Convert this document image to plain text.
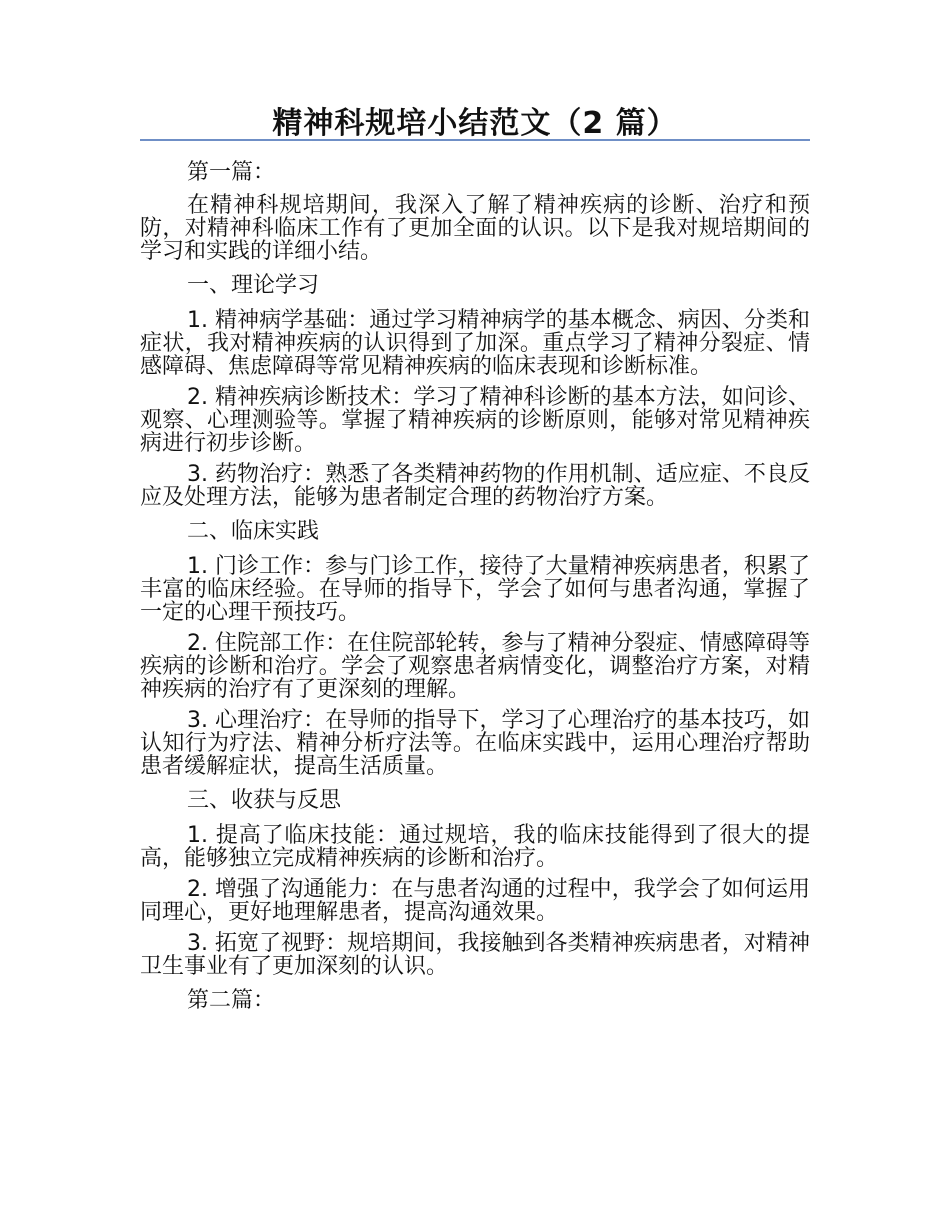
精神科规培小结范文（2 篇）

第一篇：

在精神科规培期间，我深入了解了精神疾病的诊断、治疗和预防，对精神科临床工作有了更加全面的认识。以下是我对规培期间的学习和实践的详细小结。

一、理论学习

1. 精神病学基础：通过学习精神病学的基本概念、病因、分类和症状，我对精神疾病的认识得到了加深。重点学习了精神分裂症、情感障碍、焦虑障碍等常见精神疾病的临床表现和诊断标准。

2. 精神疾病诊断技术：学习了精神科诊断的基本方法，如问诊、观察、心理测验等。掌握了精神疾病的诊断原则，能够对常见精神疾病进行初步诊断。

3. 药物治疗：熟悉了各类精神药物的作用机制、适应症、不良反应及处理方法，能够为患者制定合理的药物治疗方案。

二、临床实践

1. 门诊工作：参与门诊工作，接待了大量精神疾病患者，积累了丰富的临床经验。在导师的指导下，学会了如何与患者沟通，掌握了一定的心理干预技巧。

2. 住院部工作：在住院部轮转，参与了精神分裂症、情感障碍等疾病的诊断和治疗。学会了观察患者病情变化，调整治疗方案，对精神疾病的治疗有了更深刻的理解。

3. 心理治疗：在导师的指导下，学习了心理治疗的基本技巧，如认知行为疗法、精神分析疗法等。在临床实践中，运用心理治疗帮助患者缓解症状，提高生活质量。

三、收获与反思

1. 提高了临床技能：通过规培，我的临床技能得到了很大的提高，能够独立完成精神疾病的诊断和治疗。

2. 增强了沟通能力：在与患者沟通的过程中，我学会了如何运用同理心，更好地理解患者，提高沟通效果。

3. 拓宽了视野：规培期间，我接触到各类精神疾病患者，对精神卫生事业有了更加深刻的认识。

第二篇：
